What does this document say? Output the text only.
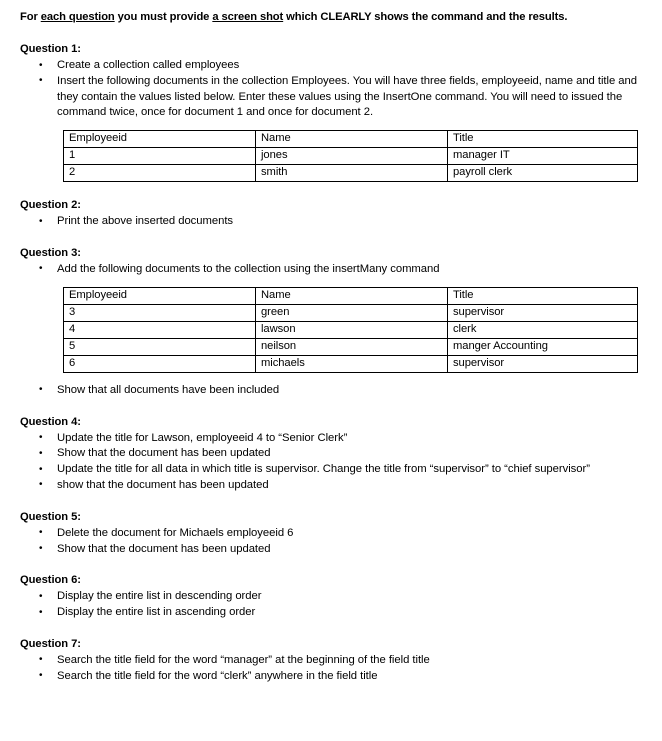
For each question you must provide a screen shot which CLEARLY shows the command and the results.

Question 1:
• Create a collection called employees
• Insert the following documents in the collection Employees. You will have three fields, employeeid, name and title and they contain the values listed below. Enter these values using the InsertOne command. You will need to issued the command twice, once for document 1 and once for document 2.
Employeeid	Name	Title
1	jones	manager IT
2	smith	payroll clerk
Question 2:
• Print the above inserted documents
Question 3:
• Add the following documents to the collection using the insertMany command
Employeeid	Name	Title
3	green	supervisor
4	lawson	clerk
5	neilson	manger Accounting
6	michaels	supervisor
• Show that all documents have been included
Question 4:
• Update the title for Lawson, employeeid 4 to “Senior Clerk”
• Show that the document has been updated
• Update the title for all data in which title is supervisor. Change the title from “supervisor” to “chief supervisor”
• show that the document has been updated
Question 5:
• Delete the document for Michaels employeeid 6
• Show that the document has been updated
Question 6:
• Display the entire list in descending order
• Display the entire list in ascending order
Question 7:
• Search the title field for the word “manager” at the beginning of the field title
• Search the title field for the word “clerk” anywhere in the field title
